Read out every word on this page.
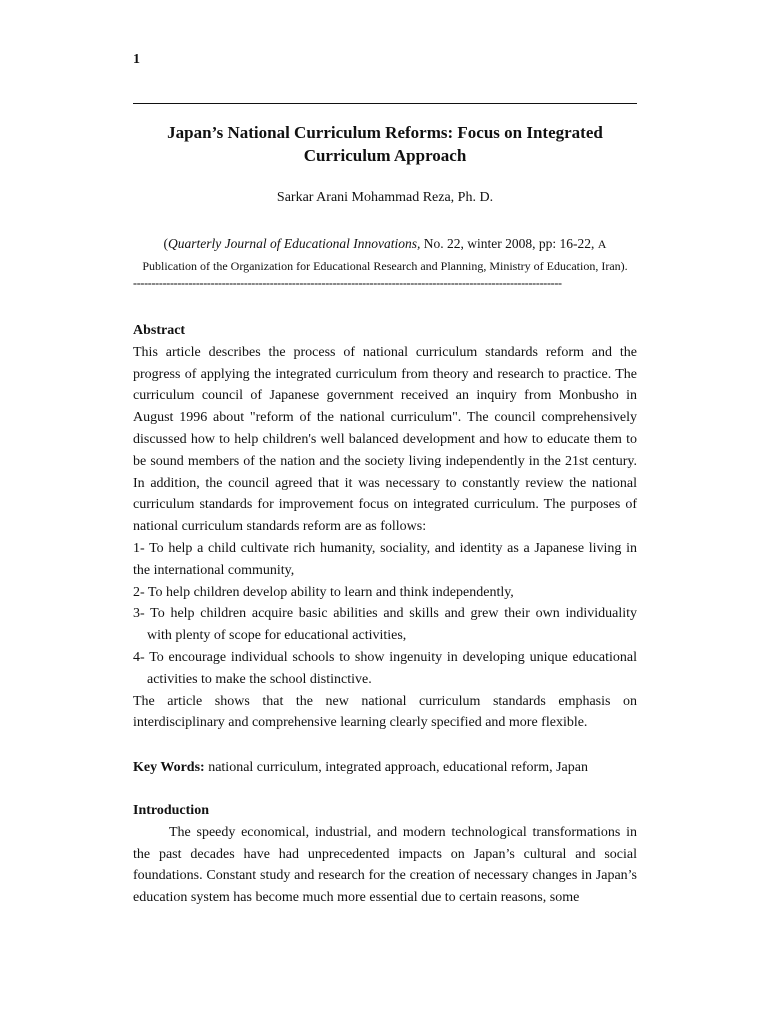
1
Japan’s National Curriculum Reforms: Focus on Integrated
Curriculum Approach
Sarkar Arani Mohammad Reza, Ph. D.
(Quarterly Journal of Educational Innovations, No. 22, winter 2008, pp: 16-22, A
Publication of the Organization for Educational Research and Planning, Ministry of Education, Iran).
--------------------------------------------------------------------------------------------------------------------

Abstract

This article describes the process of national curriculum standards reform and the progress of applying the integrated curriculum from theory and research to practice. The curriculum council of Japanese government received an inquiry from Monbusho in August 1996 about "reform of the national curriculum". The council comprehensively discussed how to help children's well balanced development and how to educate them to be sound members of the nation and the society living independently in the 21st century. In addition, the council agreed that it was necessary to constantly review the national curriculum standards for improvement focus on integrated curriculum. The purposes of national curriculum standards reform are as follows:

1- To help a child cultivate rich humanity, sociality, and identity as a Japanese living in
the international community,
2- To help children develop ability to learn and think independently,
3- To help children acquire basic abilities and skills and grew their own individuality
with plenty of scope for educational activities,
4- To encourage individual schools to show ingenuity in developing unique educational
activities to make the school distinctive.

The article shows that the new national curriculum standards emphasis on interdisciplinary and comprehensive learning clearly specified and more flexible.

Key Words: national curriculum, integrated approach, educational reform, Japan

Introduction

The speedy economical, industrial, and modern technological transformations in the past decades have had unprecedented impacts on Japan’s cultural and social foundations. Constant study and research for the creation of necessary changes in Japan’s education system has become much more essential due to certain reasons, some
